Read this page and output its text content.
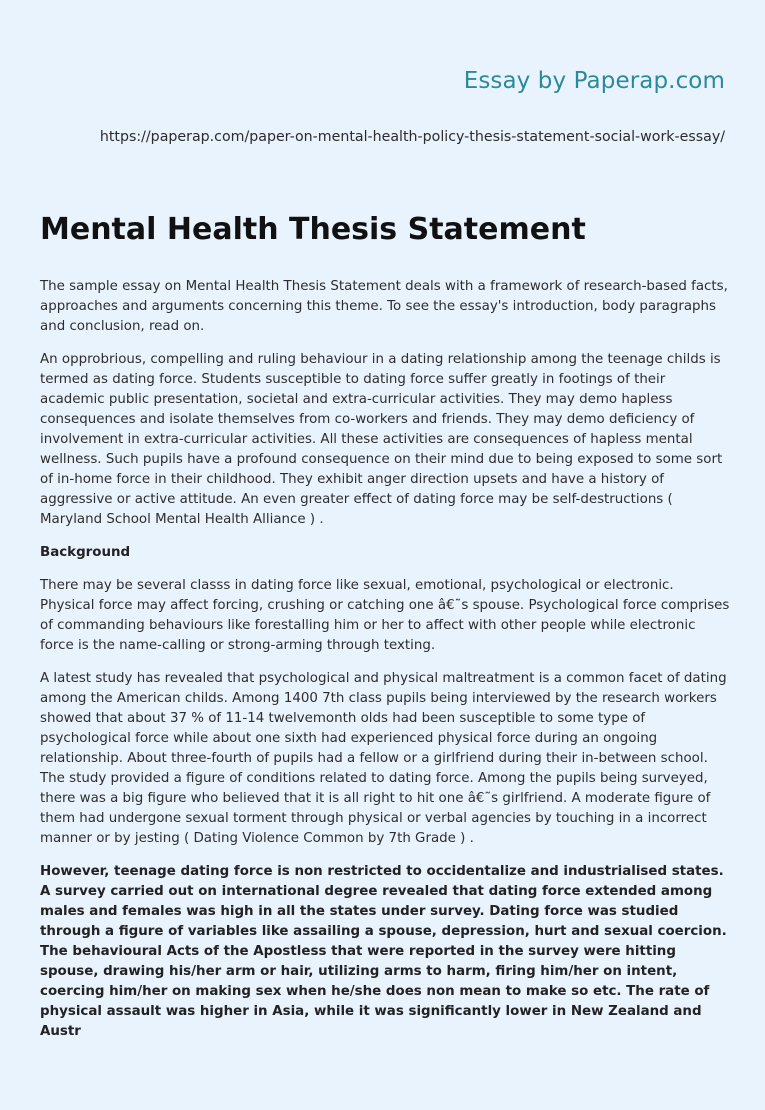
Essay by Paperap.com
https://paperap.com/paper-on-mental-health-policy-thesis-statement-social-work-essay/
Mental Health Thesis Statement

The sample essay on Mental Health Thesis Statement deals with a framework of research-based facts, approaches and arguments concerning this theme. To see the essay's introduction, body paragraphs and conclusion, read on.

An opprobrious, compelling and ruling behaviour in a dating relationship among the teenage childs is termed as dating force. Students susceptible to dating force suffer greatly in footings of their academic public presentation, societal and extra-curricular activities. They may demo hapless consequences and isolate themselves from co-workers and friends. They may demo deficiency of involvement in extra-curricular activities. All these activities are consequences of hapless mental wellness. Such pupils have a profound consequence on their mind due to being exposed to some sort of in-home force in their childhood. They exhibit anger direction upsets and have a history of aggressive or active attitude. An even greater effect of dating force may be self-destructions ( Maryland School Mental Health Alliance ) .

Background

There may be several classs in dating force like sexual, emotional, psychological or electronic. Physical force may affect forcing, crushing or catching one â€˜s spouse. Psychological force comprises of commanding behaviours like forestalling him or her to affect with other people while electronic force is the name-calling or strong-arming through texting.

A latest study has revealed that psychological and physical maltreatment is a common facet of dating among the American childs. Among 1400 7th class pupils being interviewed by the research workers showed that about 37 % of 11-14 twelvemonth olds had been susceptible to some type of psychological force while about one sixth had experienced physical force during an ongoing relationship. About three-fourth of pupils had a fellow or a girlfriend during their in-between school. The study provided a figure of conditions related to dating force. Among the pupils being surveyed, there was a big figure who believed that it is all right to hit one â€˜s girlfriend. A moderate figure of them had undergone sexual torment through physical or verbal agencies by touching in a incorrect manner or by jesting ( Dating Violence Common by 7th Grade ) .

However, teenage dating force is non restricted to occidentalize and industrialised states. A survey carried out on international degree revealed that dating force extended among males and females was high in all the states under survey. Dating force was studied through a figure of variables like assailing a spouse, depression, hurt and sexual coercion. The behavioural Acts of the Apostless that were reported in the survey were hitting spouse, drawing his/her arm or hair, utilizing arms to harm, firing him/her on intent, coercing him/her on making sex when he/she does non mean to make so etc. The rate of physical assault was higher in Asia, while it was significantly lower in New Zealand and Austr
